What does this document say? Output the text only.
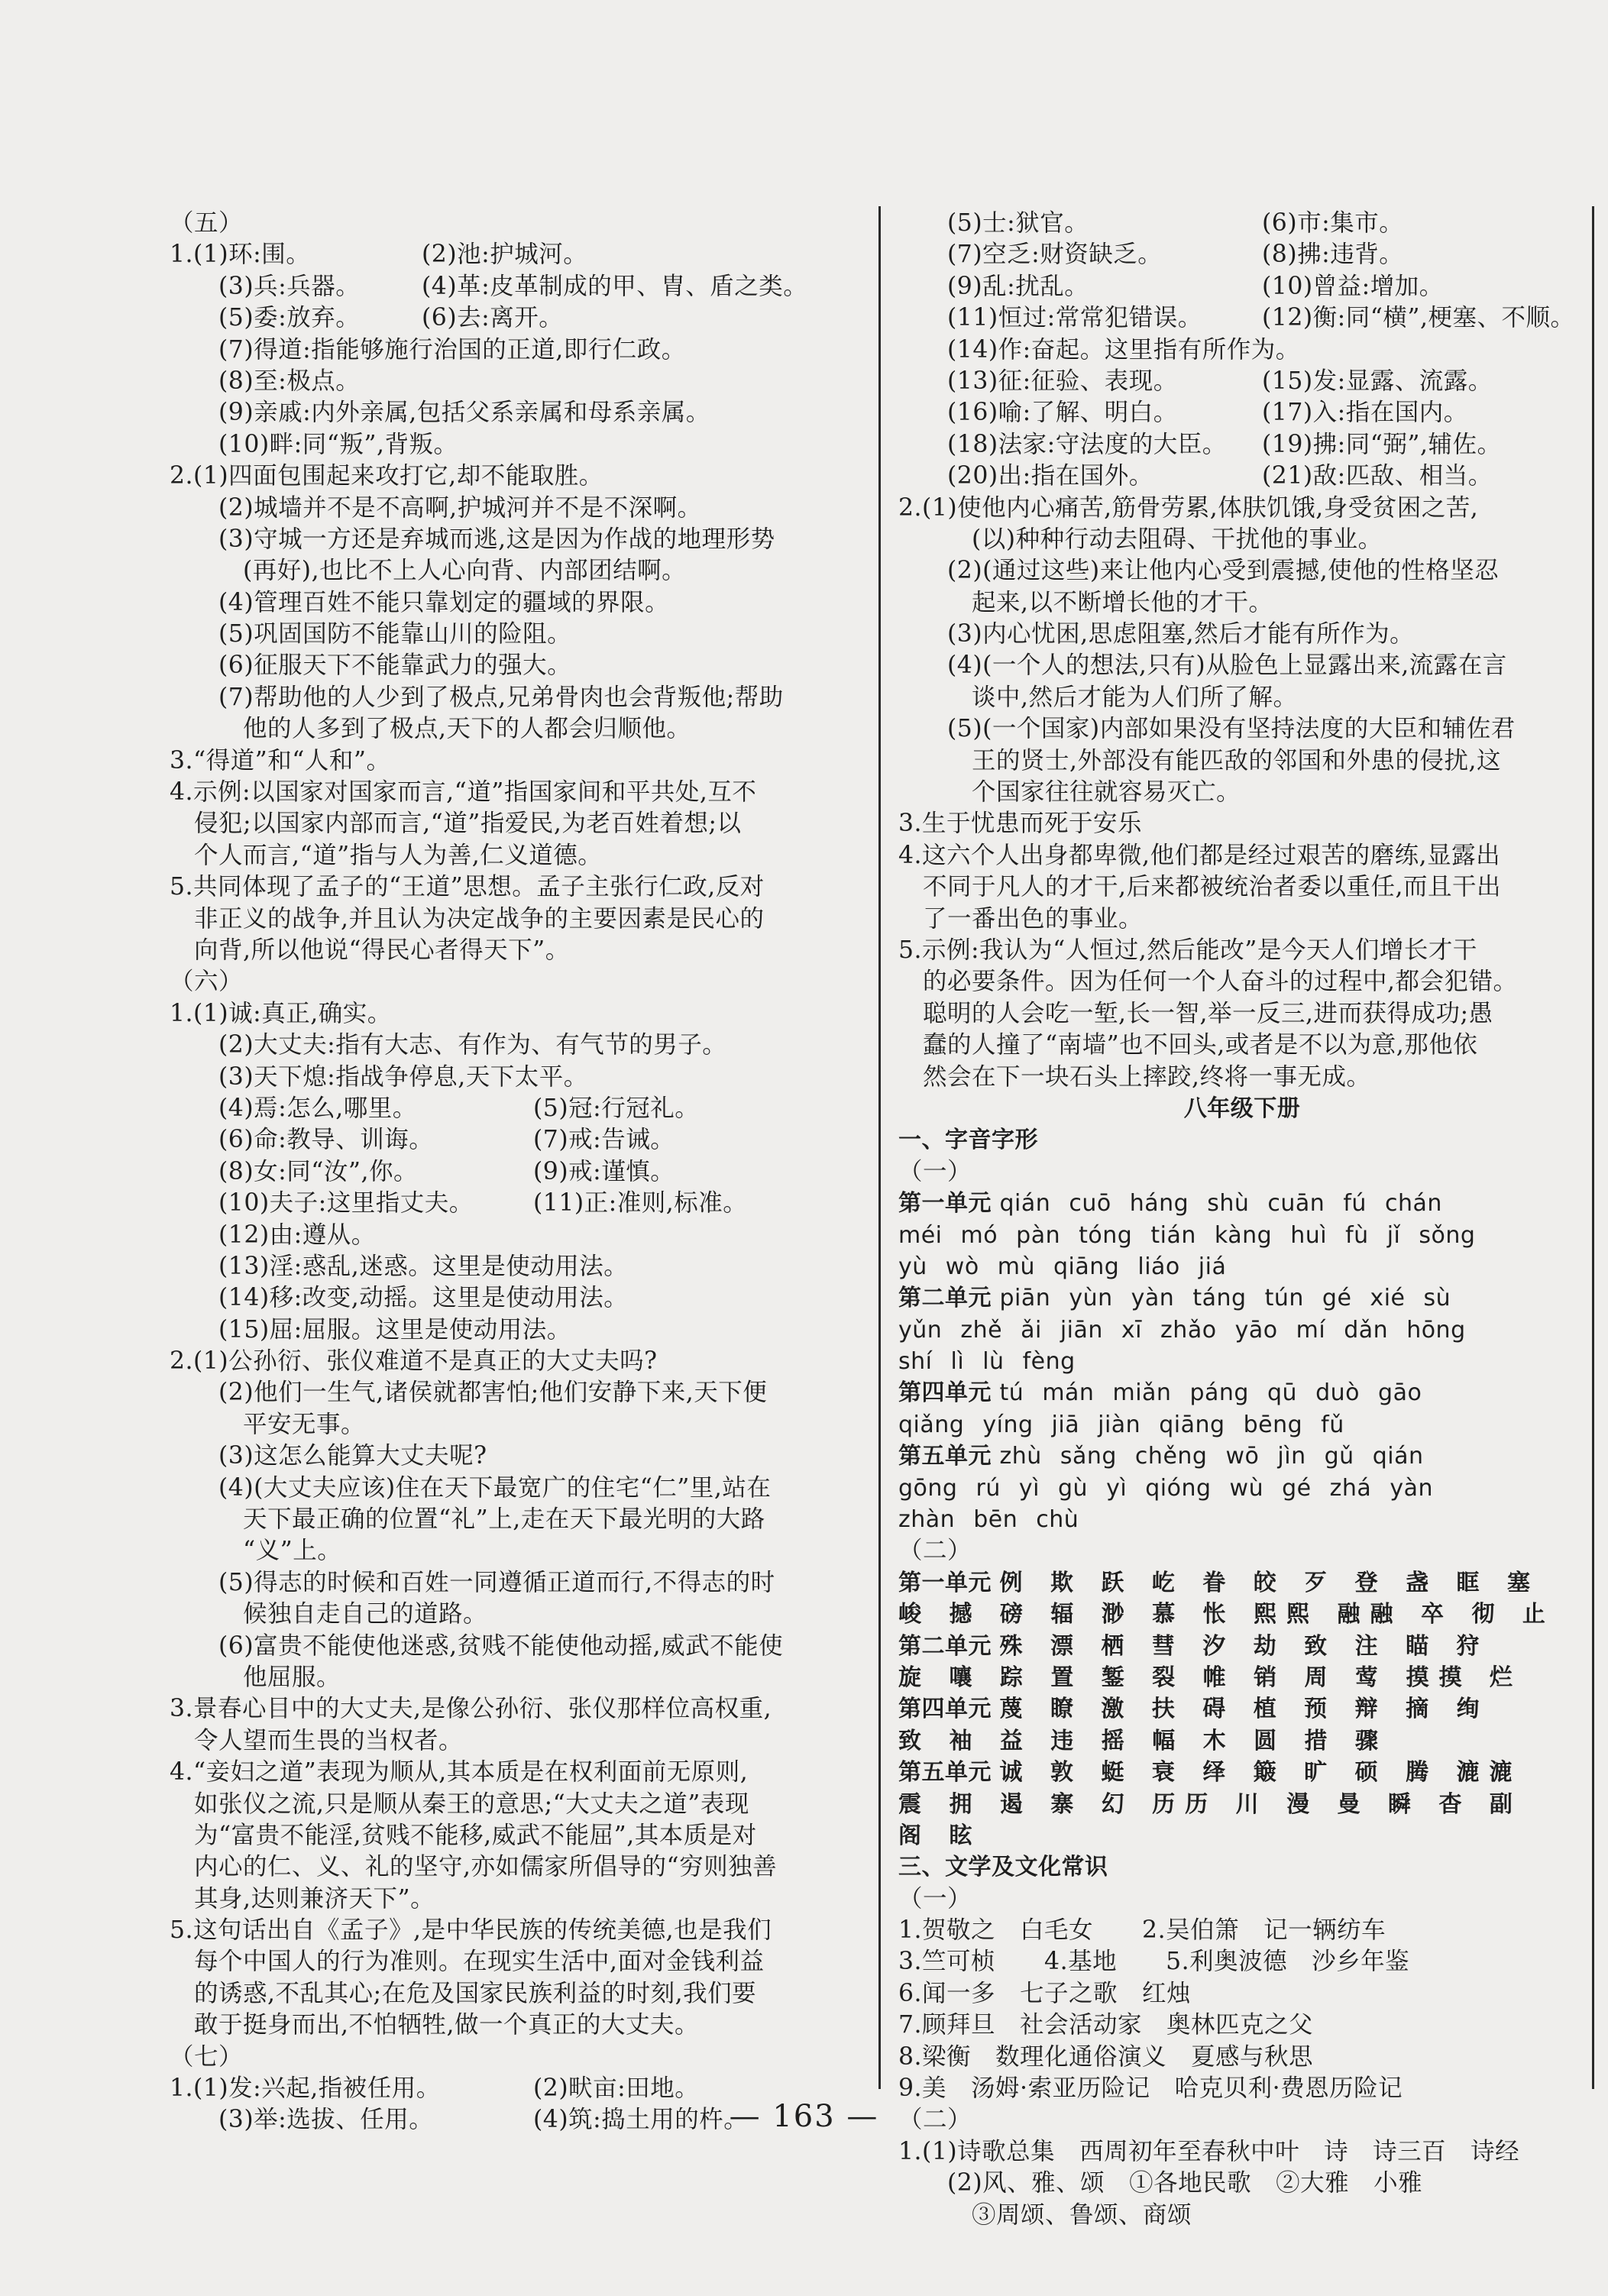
（五）
1.(1)环:围。	(2)池:护城河。
(3)兵:兵器。	(4)革:皮革制成的甲、胄、盾之类。
(5)委:放弃。	(6)去:离开。
(7)得道:指能够施行治国的正道,即行仁政。
(8)至:极点。
(9)亲戚:内外亲属,包括父系亲属和母系亲属。
(10)畔:同“叛”,背叛。
2.(1)四面包围起来攻打它,却不能取胜。
(2)城墙并不是不高啊,护城河并不是不深啊。
(3)守城一方还是弃城而逃,这是因为作战的地理形势
(再好),也比不上人心向背、内部团结啊。
(4)管理百姓不能只靠划定的疆域的界限。
(5)巩固国防不能靠山川的险阻。
(6)征服天下不能靠武力的强大。
(7)帮助他的人少到了极点,兄弟骨肉也会背叛他;帮助
他的人多到了极点,天下的人都会归顺他。
3.“得道”和“人和”。
4.示例:以国家对国家而言,“道”指国家间和平共处,互不
侵犯;以国家内部而言,“道”指爱民,为老百姓着想;以
个人而言,“道”指与人为善,仁义道德。
5.共同体现了孟子的“王道”思想。孟子主张行仁政,反对
非正义的战争,并且认为决定战争的主要因素是民心的
向背,所以他说“得民心者得天下”。
（六）
1.(1)诚:真正,确实。
(2)大丈夫:指有大志、有作为、有气节的男子。
(3)天下熄:指战争停息,天下太平。
(4)焉:怎么,哪里。	(5)冠:行冠礼。
(6)命:教导、训诲。	(7)戒:告诫。
(8)女:同“汝”,你。	(9)戒:谨慎。
(10)夫子:这里指丈夫。	(11)正:准则,标准。
(12)由:遵从。
(13)淫:惑乱,迷惑。这里是使动用法。
(14)移:改变,动摇。这里是使动用法。
(15)屈:屈服。这里是使动用法。
2.(1)公孙衍、张仪难道不是真正的大丈夫吗?
(2)他们一生气,诸侯就都害怕;他们安静下来,天下便
平安无事。
(3)这怎么能算大丈夫呢?
(4)(大丈夫应该)住在天下最宽广的住宅“仁”里,站在
天下最正确的位置“礼”上,走在天下最光明的大路
“义”上。
(5)得志的时候和百姓一同遵循正道而行,不得志的时
候独自走自己的道路。
(6)富贵不能使他迷惑,贫贱不能使他动摇,威武不能使
他屈服。
3.景春心目中的大丈夫,是像公孙衍、张仪那样位高权重,
令人望而生畏的当权者。
4.“妾妇之道”表现为顺从,其本质是在权利面前无原则,
如张仪之流,只是顺从秦王的意思;“大丈夫之道”表现
为“富贵不能淫,贫贱不能移,威武不能屈”,其本质是对
内心的仁、义、礼的坚守,亦如儒家所倡导的“穷则独善
其身,达则兼济天下”。
5.这句话出自《孟子》,是中华民族的传统美德,也是我们
每个中国人的行为准则。在现实生活中,面对金钱利益
的诱惑,不乱其心;在危及国家民族利益的时刻,我们要
敢于挺身而出,不怕牺牲,做一个真正的大丈夫。
（七）
1.(1)发:兴起,指被任用。	(2)畎亩:田地。
(3)举:选拔、任用。	(4)筑:捣土用的杵。
(5)士:狱官。	(6)市:集市。
(7)空乏:财资缺乏。	(8)拂:违背。
(9)乱:扰乱。	(10)曾益:增加。
(11)恒过:常常犯错误。	(12)衡:同“横”,梗塞、不顺。
(14)作:奋起。这里指有所作为。
(13)征:征验、表现。	(15)发:显露、流露。
(16)喻:了解、明白。	(17)入:指在国内。
(18)法家:守法度的大臣。	(19)拂:同“弼”,辅佐。
(20)出:指在国外。	(21)敌:匹敌、相当。
2.(1)使他内心痛苦,筋骨劳累,体肤饥饿,身受贫困之苦,
(以)种种行动去阻碍、干扰他的事业。
(2)(通过这些)来让他内心受到震撼,使他的性格坚忍
起来,以不断增长他的才干。
(3)内心忧困,思虑阻塞,然后才能有所作为。
(4)(一个人的想法,只有)从脸色上显露出来,流露在言
谈中,然后才能为人们所了解。
(5)(一个国家)内部如果没有坚持法度的大臣和辅佐君
王的贤士,外部没有能匹敌的邻国和外患的侵扰,这
个国家往往就容易灭亡。
3.生于忧患而死于安乐
4.这六个人出身都卑微,他们都是经过艰苦的磨练,显露出
不同于凡人的才干,后来都被统治者委以重任,而且干出
了一番出色的事业。
5.示例:我认为“人恒过,然后能改”是今天人们增长才干
的必要条件。因为任何一个人奋斗的过程中,都会犯错。
聪明的人会吃一堑,长一智,举一反三,进而获得成功;愚
蠢的人撞了“南墙”也不回头,或者是不以为意,那他依
然会在下一块石头上摔跤,终将一事无成。
八年级下册
一、字音字形
（一）
第一单元 qián cuō háng shù cuān fú chán
méi mó pàn tóng tián kàng huì fù jǐ sǒng
yù wò mù qiāng liáo jiá
第二单元 piān yùn yàn táng tún gé xié sù
yǔn zhě ǎi jiān xī zhǎo yāo mí dǎn hōng
shí lì lù fèng
第四单元 tú mán miǎn páng qū duò gāo
qiǎng yíng jiā jiàn qiāng bēng fǔ
第五单元 zhù sǎng chěng wō jìn gǔ qián
gōng rú yì gù yì qióng wù gé zhá yàn
zhàn bēn chù
（二）
第一单元 例 欺 跃 屹 眷 皎 歹 登 盏 眶 塞
峻 撼 磅 辐 渺 慕 怅 熙熙 融融 卒 彻 止
第二单元 殊 漂 栖 彗 汐 劫 致 注 瞄 狩
旋 嚷 踪 置 錾 裂 帷 销 周 莺 摸摸 烂
第四单元 蔑 瞭 激 扶 碍 植 预 辩 摘 绚
致 袖 益 违 摇 幅 木 圆 措 骤
第五单元 诚 敦 蜓 衰 绎 簸 旷 硕 腾 漉漉
震 拥 遏 寨 幻 历历 川 漫 曼 瞬 杳 副
阁 眩
三、文学及文化常识
（一）
1.贺敬之　白毛女　　2.吴伯箫　记一辆纺车
3.竺可桢　　4.基地　　5.利奥波德　沙乡年鉴
6.闻一多　七子之歌　红烛
7.顾拜旦　社会活动家　奥林匹克之父
8.梁衡　数理化通俗演义　夏感与秋思
9.美　汤姆·索亚历险记　哈克贝利·费恩历险记
（二）
1.(1)诗歌总集　西周初年至春秋中叶　诗　诗三百　诗经
(2)风、雅、颂　①各地民歌　②大雅　小雅
③周颂、鲁颂、商颂
— 163 —
